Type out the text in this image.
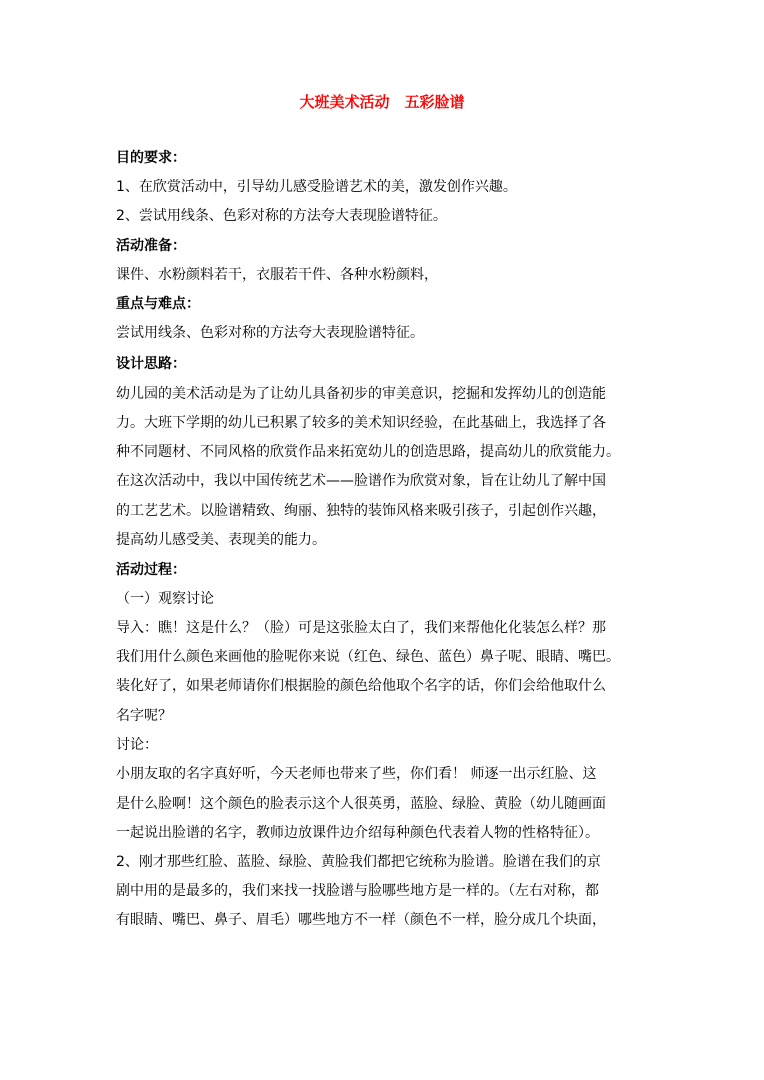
大班美术活动　五彩脸谱
目的要求：
1、在欣赏活动中，引导幼儿感受脸谱艺术的美，激发创作兴趣。
2、尝试用线条、色彩对称的方法夸大表现脸谱特征。
活动准备：
课件、水粉颜料若干，衣服若干件、各种水粉颜料，
重点与难点：
尝试用线条、色彩对称的方法夸大表现脸谱特征。
设计思路：
幼儿园的美术活动是为了让幼儿具备初步的审美意识，挖掘和发挥幼儿的创造能
力。大班下学期的幼儿已积累了较多的美术知识经验，在此基础上，我选择了各
种不同题材、不同风格的欣赏作品来拓宽幼儿的创造思路，提高幼儿的欣赏能力。
在这次活动中，我以中国传统艺术——脸谱作为欣赏对象，旨在让幼儿了解中国
的工艺艺术。以脸谱精致、绚丽、独特的装饰风格来吸引孩子，引起创作兴趣，
提高幼儿感受美、表现美的能力。
活动过程：
（一）观察讨论
导入：瞧！这是什么？（脸）可是这张脸太白了，我们来帮他化化装怎么样？那
我们用什么颜色来画他的脸呢你来说（红色、绿色、蓝色）鼻子呢、眼睛、嘴巴。
装化好了，如果老师请你们根据脸的颜色给他取个名字的话，你们会给他取什么
名字呢？
讨论：
小朋友取的名字真好听，今天老师也带来了些，你们看！ 师逐一出示红脸、这
是什么脸啊！这个颜色的脸表示这个人很英勇，蓝脸、绿脸、黄脸（幼儿随画面
一起说出脸谱的名字，教师边放课件边介绍每种颜色代表着人物的性格特征）。
2、刚才那些红脸、蓝脸、绿脸、黄脸我们都把它统称为脸谱。脸谱在我们的京
剧中用的是最多的，我们来找一找脸谱与脸哪些地方是一样的。（左右对称，都
有眼睛、嘴巴、鼻子、眉毛）哪些地方不一样（颜色不一样，脸分成几个块面，
